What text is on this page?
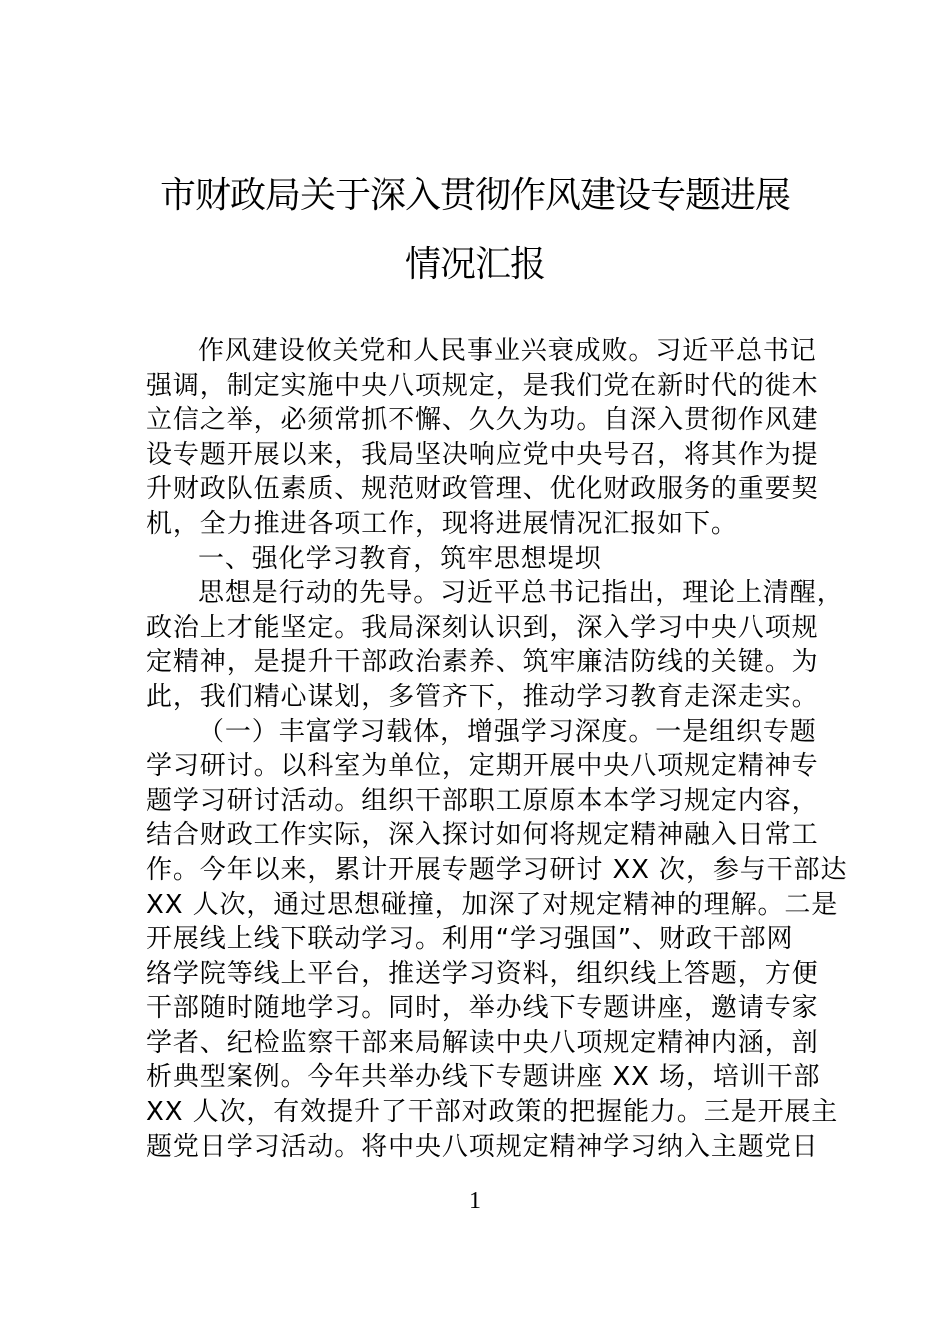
市财政局关于深入贯彻作风建设专题进展
情况汇报
作风建设攸关党和人民事业兴衰成败。习近平总书记
强调，制定实施中央八项规定，是我们党在新时代的徙木
立信之举，必须常抓不懈、久久为功。自深入贯彻作风建
设专题开展以来，我局坚决响应党中央号召，将其作为提
升财政队伍素质、规范财政管理、优化财政服务的重要契
机，全力推进各项工作，现将进展情况汇报如下。
一、强化学习教育，筑牢思想堤坝
思想是行动的先导。习近平总书记指出，理论上清醒，
政治上才能坚定。我局深刻认识到，深入学习中央八项规
定精神，是提升干部政治素养、筑牢廉洁防线的关键。为
此，我们精心谋划，多管齐下，推动学习教育走深走实。
（一）丰富学习载体，增强学习深度。一是组织专题
学习研讨。以科室为单位，定期开展中央八项规定精神专
题学习研讨活动。组织干部职工原原本本学习规定内容，
结合财政工作实际，深入探讨如何将规定精神融入日常工
作。今年以来，累计开展专题学习研讨 XX 次，参与干部达
XX 人次，通过思想碰撞，加深了对规定精神的理解。二是
开展线上线下联动学习。利用“学习强国”、财政干部网
络学院等线上平台，推送学习资料，组织线上答题，方便
干部随时随地学习。同时，举办线下专题讲座，邀请专家
学者、纪检监察干部来局解读中央八项规定精神内涵，剖
析典型案例。今年共举办线下专题讲座 XX 场，培训干部
XX 人次，有效提升了干部对政策的把握能力。三是开展主
题党日学习活动。将中央八项规定精神学习纳入主题党日
1
